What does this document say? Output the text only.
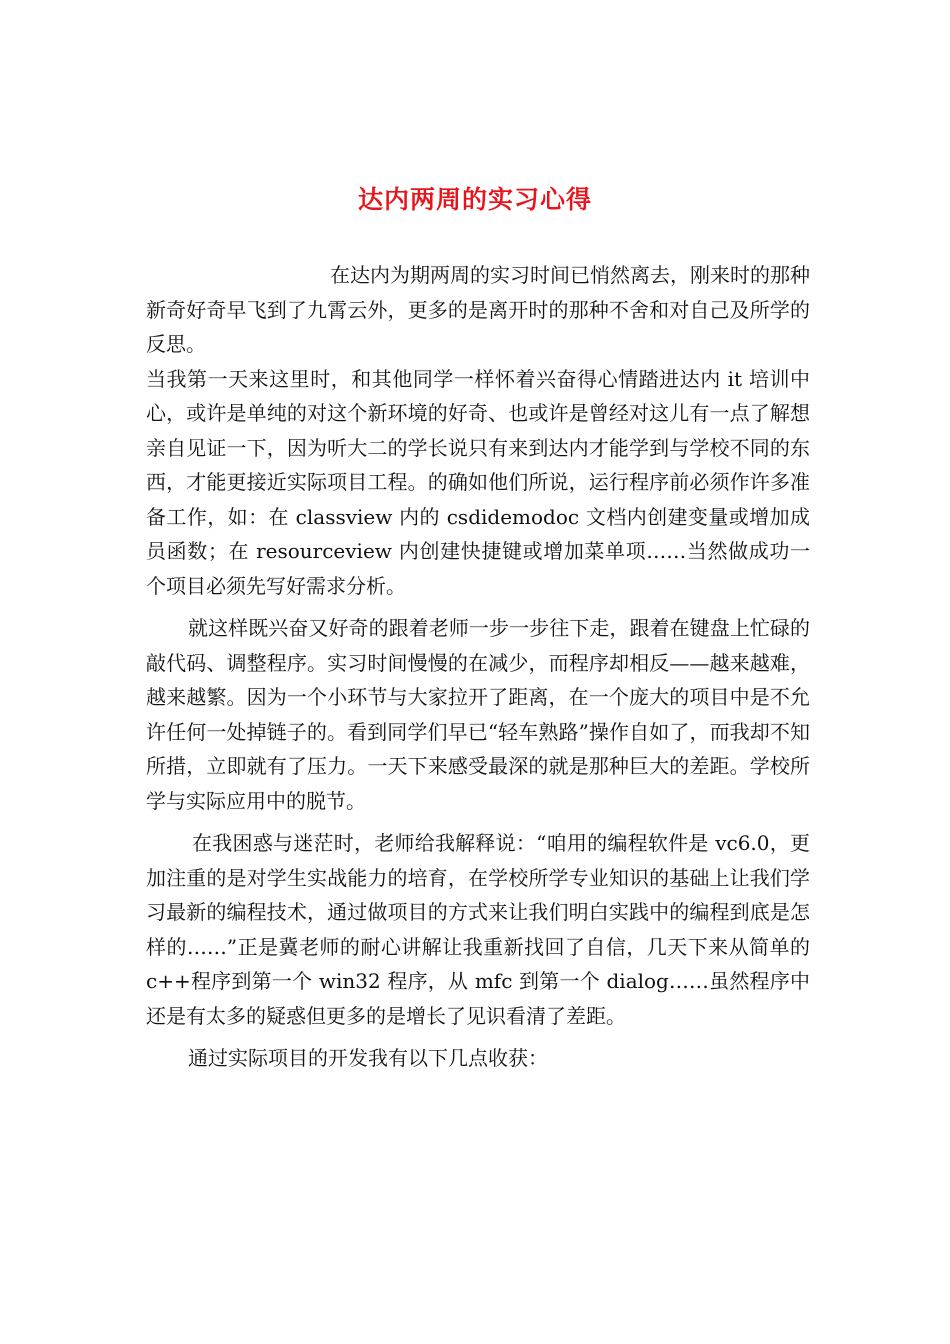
达内两周的实习心得

在达内为期两周的实习时间已悄然离去，刚来时的那种新奇好奇早飞到了九霄云外，更多的是离开时的那种不舍和对自己及所学的反思。

当我第一天来这里时，和其他同学一样怀着兴奋得心情踏进达内 it 培训中心，或许是单纯的对这个新环境的好奇、也或许是曾经对这儿有一点了解想亲自见证一下，因为听大二的学长说只有来到达内才能学到与学校不同的东西，才能更接近实际项目工程。的确如他们所说，运行程序前必须作许多准备工作，如：在 classview 内的 csdidemodoc 文档内创建变量或增加成员函数；在 resourceview 内创建快捷键或增加菜单项……当然做成功一个项目必须先写好需求分析。

就这样既兴奋又好奇的跟着老师一步一步往下走，跟着在键盘上忙碌的敲代码、调整程序。实习时间慢慢的在减少，而程序却相反——越来越难，越来越繁。因为一个小环节与大家拉开了距离，在一个庞大的项目中是不允许任何一处掉链子的。看到同学们早已“轻车熟路”操作自如了，而我却不知所措，立即就有了压力。一天下来感受最深的就是那种巨大的差距。学校所学与实际应用中的脱节。

在我困惑与迷茫时，老师给我解释说：“咱用的编程软件是 vc6.0，更加注重的是对学生实战能力的培育，在学校所学专业知识的基础上让我们学习最新的编程技术，通过做项目的方式来让我们明白实践中的编程到底是怎样的……”正是冀老师的耐心讲解让我重新找回了自信，几天下来从简单的 c++程序到第一个 win32 程序，从 mfc 到第一个 dialog……虽然程序中还是有太多的疑惑但更多的是增长了见识看清了差距。

通过实际项目的开发我有以下几点收获：
